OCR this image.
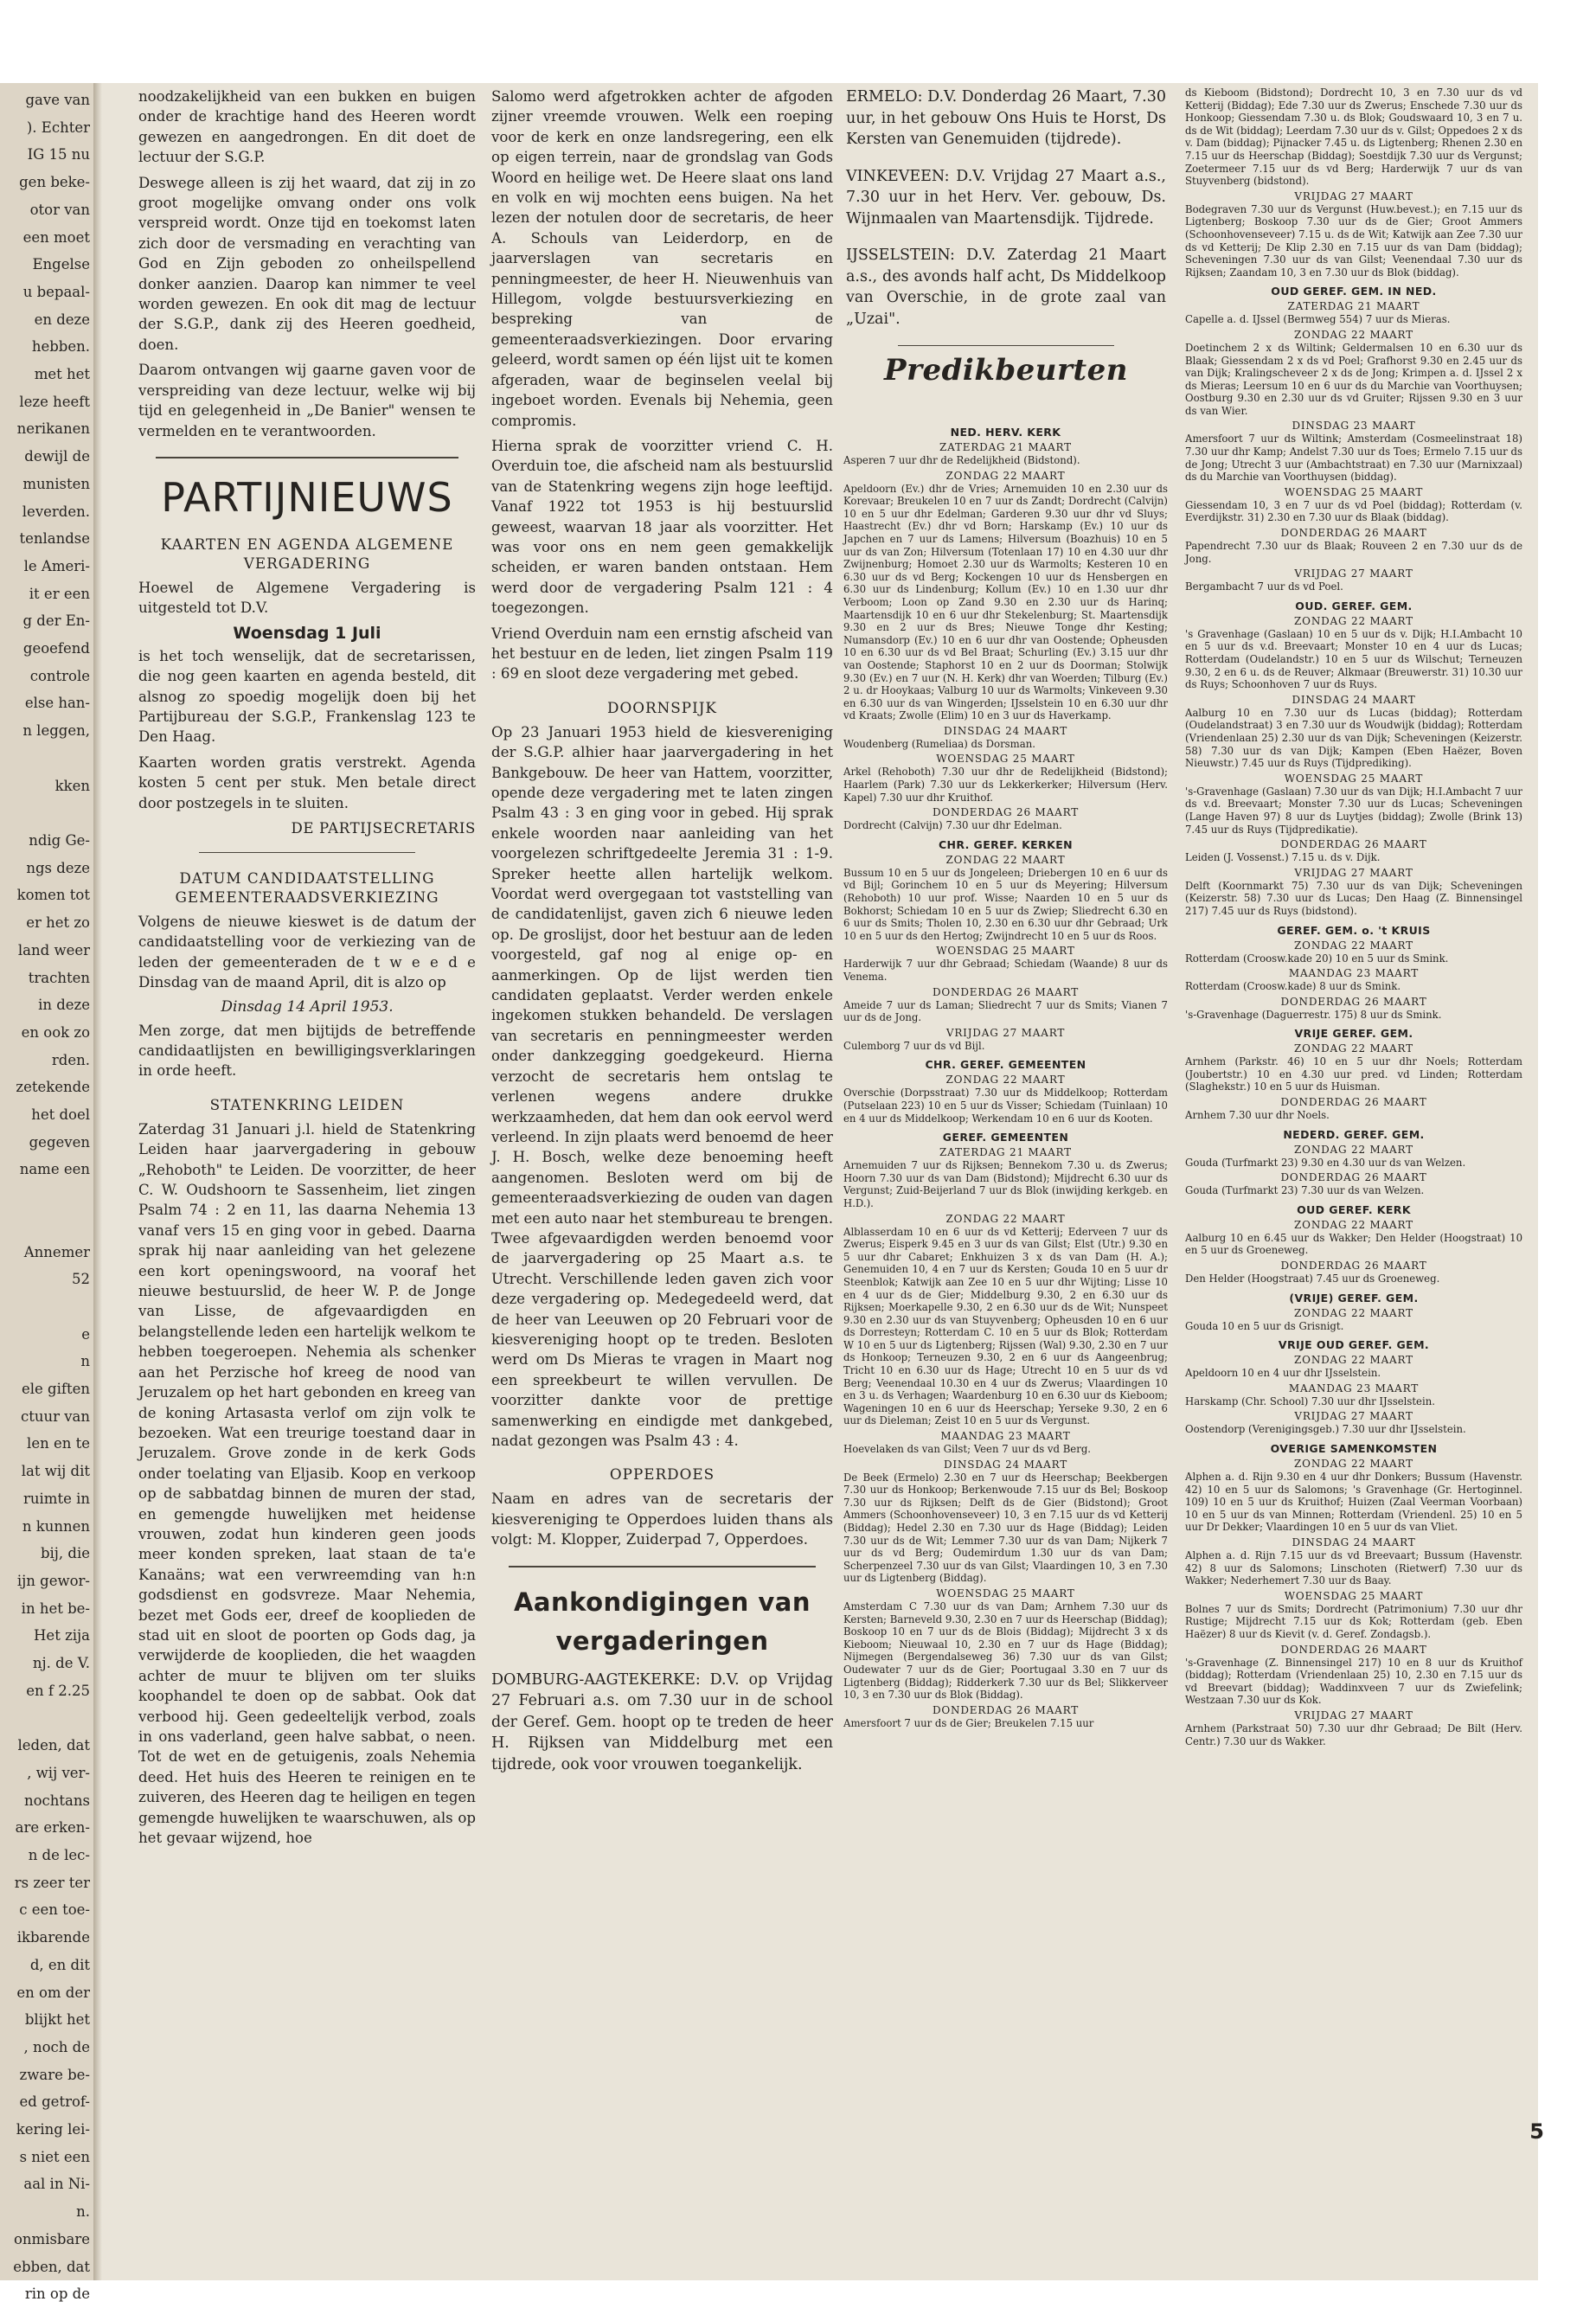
gave van
). Echter
IG 15 nu
gen beke-
otor van
een moet
Engelse
u bepaal-
en deze
hebben.
met het
leze heeft
nerikanen
dewijl de
munisten
leverden.
tenlandse
le Ameri-
it er een
g der En-
geoefend
controle
else han-
n leggen,

kken

ndig Ge-
ngs deze
komen tot
er het zo
land weer
trachten
in deze
en ook zo
rden.
zetekende
het doel
gegeven
name een

Annemer
52

e
n
ele giften
ctuur van
len en te
lat wij dit
ruimte in
n kunnen
bij, die
ijn gewor-
in het be-
Het zija
nj. de V.
en f 2.25

leden, dat
, wij ver-
nochtans
are erken-
n de lec-
rs zeer ter
c een toe-
ikbarende
d, en dit
en om der
blijkt het
, noch de
zware be-
ed getrof-
kering lei-
s niet een
aal in Ni-
n.
onmisbare
ebben, dat
rin op de

noodzakelijkheid van een bukken en buigen onder de krachtige hand des Heeren wordt gewezen en aangedrongen. En dit doet de lectuur der S.G.P.

Deswege alleen is zij het waard, dat zij in zo groot mogelijke omvang onder ons volk verspreid wordt. Onze tijd en toekomst laten zich door de versmading en verachting van God en Zijn geboden zo onheilspellend donker aanzien. Daarop kan nimmer te veel worden gewezen. En ook dit mag de lectuur der S.G.P., dank zij des Heeren goedheid, doen.

Daarom ontvangen wij gaarne gaven voor de verspreiding van deze lectuur, welke wij bij tijd en gelegenheid in „De Banier" wensen te vermelden en te verantwoorden.

PARTIJNIEUWS
KAARTEN EN AGENDA ALGEMENE VERGADERING

Hoewel de Algemene Vergadering is uitgesteld tot D.V.

Woensdag 1 Juli

is het toch wenselijk, dat de secretarissen, die nog geen kaarten en agenda besteld, dit alsnog zo spoedig mogelijk doen bij het Partijbureau der S.G.P., Frankenslag 123 te Den Haag.

Kaarten worden gratis verstrekt. Agenda kosten 5 cent per stuk. Men betale direct door postzegels in te sluiten.

DE PARTIJSECRETARIS
DATUM CANDIDAATSTELLING GEMEENTERAADSVERKIEZING

Volgens de nieuwe kieswet is de datum der candidaatstelling voor de verkiezing van de leden der gemeenteraden de t w e e d e Dinsdag van de maand April, dit is alzo op

Dinsdag 14 April 1953.

Men zorge, dat men bijtijds de betreffende candidaatlijsten en bewilligingsverklaringen in orde heeft.

STATENKRING LEIDEN

Zaterdag 31 Januari j.l. hield de Statenkring Leiden haar jaarvergadering in gebouw „Rehoboth" te Leiden. De voorzitter, de heer C. W. Oudshoorn te Sassenheim, liet zingen Psalm 74 : 2 en 11, las daarna Nehemia 13 vanaf vers 15 en ging voor in gebed. Daarna sprak hij naar aanleiding van het gelezene een kort openingswoord, na vooraf het nieuwe bestuurslid, de heer W. P. de Jonge van Lisse, de afgevaardigden en belangstellende leden een hartelijk welkom te hebben toegeroepen. Nehemia als schenker aan het Perzische hof kreeg de nood van Jeruzalem op het hart gebonden en kreeg van de koning Artasasta verlof om zijn volk te bezoeken. Wat een treurige toestand daar in Jeruzalem. Grove zonde in de kerk Gods onder toelating van Eljasib. Koop en verkoop op de sabbatdag binnen de muren der stad, en gemengde huwelijken met heidense vrouwen, zodat hun kinderen geen joods meer konden spreken, laat staan de ta'e Kanaäns; wat een verwreemding van h:n godsdienst en godsvreze. Maar Nehemia, bezet met Gods eer, dreef de kooplieden de stad uit en sloot de poorten op Gods dag, ja verwijderde de kooplieden, die het waagden achter de muur te blijven om ter sluiks koophandel te doen op de sabbat. Ook dat verbood hij. Geen gedeeltelijk verbod, zoals in ons vaderland, geen halve sabbat, o neen. Tot de wet en de getuigenis, zoals Nehemia deed. Het huis des Heeren te reinigen en te zuiveren, des Heeren dag te heiligen en tegen gemengde huwelijken te waarschuwen, als op het gevaar wijzend, hoe

Salomo werd afgetrokken achter de afgoden zijner vreemde vrouwen. Welk een roeping voor de kerk en onze landsregering, een elk op eigen terrein, naar de grondslag van Gods Woord en heilige wet. De Heere slaat ons land en volk en wij mochten eens buigen. Na het lezen der notulen door de secretaris, de heer A. Schouls van Leiderdorp, en de jaarverslagen van secretaris en penningmeester, de heer H. Nieuwenhuis van Hillegom, volgde bestuursverkiezing en bespreking van de gemeenteraadsverkiezingen. Door ervaring geleerd, wordt samen op één lijst uit te komen afgeraden, waar de beginselen veelal bij ingeboet worden. Evenals bij Nehemia, geen compromis.

Hierna sprak de voorzitter vriend C. H. Overduin toe, die afscheid nam als bestuurslid van de Statenkring wegens zijn hoge leeftijd. Vanaf 1922 tot 1953 is hij bestuurslid geweest, waarvan 18 jaar als voorzitter. Het was voor ons en nem geen gemakkelijk scheiden, er waren banden ontstaan. Hem werd door de vergadering Psalm 121 : 4 toegezongen.

Vriend Overduin nam een ernstig afscheid van het bestuur en de leden, liet zingen Psalm 119 : 69 en sloot deze vergadering met gebed.

DOORNSPIJK

Op 23 Januari 1953 hield de kiesvereniging der S.G.P. alhier haar jaarvergadering in het Bankgebouw. De heer van Hattem, voorzitter, opende deze vergadering met te laten zingen Psalm 43 : 3 en ging voor in gebed. Hij sprak enkele woorden naar aanleiding van het voorgelezen schriftgedeelte Jeremia 31 : 1-9. Spreker heette allen hartelijk welkom. Voordat werd overgegaan tot vaststelling van de candidatenlijst, gaven zich 6 nieuwe leden op. De groslijst, door het bestuur aan de leden voorgesteld, gaf nog al enige op- en aanmerkingen. Op de lijst werden tien candidaten geplaatst. Verder werden enkele ingekomen stukken behandeld. De verslagen van secretaris en penningmeester werden onder dankzegging goedgekeurd. Hierna verzocht de secretaris hem ontslag te verlenen wegens andere drukke werkzaamheden, dat hem dan ook eervol werd verleend. In zijn plaats werd benoemd de heer J. H. Bosch, welke deze benoeming heeft aangenomen. Besloten werd om bij de gemeenteraadsverkiezing de ouden van dagen met een auto naar het stembureau te brengen. Twee afgevaardigden werden benoemd voor de jaarvergadering op 25 Maart a.s. te Utrecht. Verschillende leden gaven zich voor deze vergadering op. Medegedeeld werd, dat de heer van Leeuwen op 20 Februari voor de kiesvereniging hoopt op te treden. Besloten werd om Ds Mieras te vragen in Maart nog een spreekbeurt te willen vervullen. De voorzitter dankte voor de prettige samenwerking en eindigde met dankgebed, nadat gezongen was Psalm 43 : 4.

OPPERDOES

Naam en adres van de secretaris der kiesvereniging te Opperdoes luiden thans als volgt: M. Klopper, Zuiderpad 7, Opperdoes.

Aankondigingen van vergaderingen

DOMBURG-AAGTEKERKE: D.V. op Vrijdag 27 Februari a.s. om 7.30 uur in de school der Geref. Gem. hoopt op te treden de heer H. Rijksen van Middelburg met een tijdrede, ook voor vrouwen toegankelijk.

ERMELO: D.V. Donderdag 26 Maart, 7.30 uur, in het gebouw Ons Huis te Horst, Ds Kersten van Genemuiden (tijdrede).

VINKEVEEN: D.V. Vrijdag 27 Maart a.s., 7.30 uur in het Herv. Ver. gebouw, Ds. Wijnmaalen van Maartensdijk. Tijdrede.

IJSSELSTEIN: D.V. Zaterdag 21 Maart a.s., des avonds half acht, Ds Middelkoop van Overschie, in de grote zaal van „Uzai".

Predikbeurten
NED. HERV. KERK
ZATERDAG 21 MAART

Asperen 7 uur dhr de Redelijkheid (Bidstond).

ZONDAG 22 MAART

Apeldoorn (Ev.) dhr de Vries; Arnemuiden 10 en 2.30 uur ds Korevaar; Breukelen 10 en 7 uur ds Zandt; Dordrecht (Calvijn) 10 en 5 uur dhr Edelman; Garderen 9.30 uur dhr vd Sluys; Haastrecht (Ev.) dhr vd Born; Harskamp (Ev.) 10 uur ds Japchen en 7 uur ds Lamens; Hilversum (Boazhuis) 10 en 5 uur ds van Zon; Hilversum (Totenlaan 17) 10 en 4.30 uur dhr Zwijnenburg; Homoet 2.30 uur ds Warmolts; Kesteren 10 en 6.30 uur ds vd Berg; Kockengen 10 uur ds Hensbergen en 6.30 uur ds Lindenburg; Kollum (Ev.) 10 en 1.30 uur dhr Verboom; Loon op Zand 9.30 en 2.30 uur ds Harinq; Maartensdijk 10 en 6 uur dhr Stekelenburg; St. Maartensdijk 9.30 en 2 uur ds Bres; Nieuwe Tonge dhr Kesting; Numansdorp (Ev.) 10 en 6 uur dhr van Oostende; Opheusden 10 en 6.30 uur ds vd Bel Braat; Schurling (Ev.) 3.15 uur dhr van Oostende; Staphorst 10 en 2 uur ds Doorman; Stolwijk 9.30 (Ev.) en 7 uur (N. H. Kerk) dhr van Woerden; Tilburg (Ev.) 2 u. dr Hooykaas; Valburg 10 uur ds Warmolts; Vinkeveen 9.30 en 6.30 uur ds van Wingerden; IJsselstein 10 en 6.30 uur dhr vd Kraats; Zwolle (Elim) 10 en 3 uur ds Haverkamp.

DINSDAG 24 MAART

Woudenberg (Rumeliaa) ds Dorsman.

WOENSDAG 25 MAART

Arkel (Rehoboth) 7.30 uur dhr de Redelijkheid (Bidstond); Haarlem (Park) 7.30 uur ds Lekkerkerker; Hilversum (Herv. Kapel) 7.30 uur dhr Kruithof.

DONDERDAG 26 MAART

Dordrecht (Calvijn) 7.30 uur dhr Edelman.

CHR. GEREF. KERKEN
ZONDAG 22 MAART

Bussum 10 en 5 uur ds Jongeleen; Driebergen 10 en 6 uur ds vd Bijl; Gorinchem 10 en 5 uur ds Meyering; Hilversum (Rehoboth) 10 uur prof. Wisse; Naarden 10 en 5 uur ds Bokhorst; Schiedam 10 en 5 uur ds Zwiep; Sliedrecht 6.30 en 6 uur ds Smits; Tholen 10, 2.30 en 6.30 uur dhr Gebraad; Urk 10 en 5 uur ds den Hertog; Zwijndrecht 10 en 5 uur ds Roos.

WOENSDAG 25 MAART

Harderwijk 7 uur dhr Gebraad; Schiedam (Waande) 8 uur ds Venema.

DONDERDAG 26 MAART

Ameide 7 uur ds Laman; Sliedrecht 7 uur ds Smits; Vianen 7 uur ds de Jong.

VRIJDAG 27 MAART

Culemborg 7 uur ds vd Bijl.

CHR. GEREF. GEMEENTEN
ZONDAG 22 MAART

Overschie (Dorpsstraat) 7.30 uur ds Middelkoop; Rotterdam (Putselaan 223) 10 en 5 uur ds Visser; Schiedam (Tuinlaan) 10 en 4 uur ds Middelkoop; Werkendam 10 en 6 uur ds Kooten.

GEREF. GEMEENTEN
ZATERDAG 21 MAART

Arnemuiden 7 uur ds Rijksen; Bennekom 7.30 u. ds Zwerus; Hoorn 7.30 uur ds van Dam (Bidstond); Mijdrecht 6.30 uur ds Vergunst; Zuid-Beijerland 7 uur ds Blok (inwijding kerkgeb. en H.D.).

ZONDAG 22 MAART

Alblasserdam 10 en 6 uur ds vd Ketterij; Ederveen 7 uur ds Zwerus; Eisperk 9.45 en 3 uur ds van Gilst; Elst (Utr.) 9.30 en 5 uur dhr Cabaret; Enkhuizen 3 x ds van Dam (H. A.); Genemuiden 10, 4 en 7 uur ds Kersten; Gouda 10 en 5 uur dr Steenblok; Katwijk aan Zee 10 en 5 uur dhr Wijting; Lisse 10 en 4 uur ds de Gier; Middelburg 9.30, 2 en 6.30 uur ds Rijksen; Moerkapelle 9.30, 2 en 6.30 uur ds de Wit; Nunspeet 9.30 en 2.30 uur ds van Stuyvenberg; Opheusden 10 en 6 uur ds Dorresteyn; Rotterdam C. 10 en 5 uur ds Blok; Rotterdam W 10 en 5 uur ds Ligtenberg; Rijssen (Wal) 9.30, 2.30 en 7 uur ds Honkoop; Terneuzen 9.30, 2 en 6 uur ds Aangeenbrug; Tricht 10 en 6.30 uur ds Hage; Utrecht 10 en 5 uur ds vd Berg; Veenendaal 10.30 en 4 uur ds Zwerus; Vlaardingen 10 en 3 u. ds Verhagen; Waardenburg 10 en 6.30 uur ds Kieboom; Wageningen 10 en 6 uur ds Heerschap; Yerseke 9.30, 2 en 6 uur ds Dieleman; Zeist 10 en 5 uur ds Vergunst.

MAANDAG 23 MAART

Hoevelaken ds van Gilst; Veen 7 uur ds vd Berg.

DINSDAG 24 MAART

De Beek (Ermelo) 2.30 en 7 uur ds Heerschap; Beekbergen 7.30 uur ds Honkoop; Berkenwoude 7.15 uur ds Bel; Boskoop 7.30 uur ds Rijksen; Delft ds de Gier (Bidstond); Groot Ammers (Schoonhovenseveer) 10, 3 en 7.15 uur ds vd Ketterij (Biddag); Hedel 2.30 en 7.30 uur ds Hage (Biddag); Leiden 7.30 uur ds de Wit; Lemmer 7.30 uur ds van Dam; Nijkerk 7 uur ds vd Berg; Oudemirdum 1.30 uur ds van Dam; Scherpenzeel 7.30 uur ds van Gilst; Vlaardingen 10, 3 en 7.30 uur ds Ligtenberg (Biddag).

WOENSDAG 25 MAART

Amsterdam C 7.30 uur ds van Dam; Arnhem 7.30 uur ds Kersten; Barneveld 9.30, 2.30 en 7 uur ds Heerschap (Biddag); Boskoop 10 en 7 uur ds de Blois (Biddag); Mijdrecht 3 x ds Kieboom; Nieuwaal 10, 2.30 en 7 uur ds Hage (Biddag); Nijmegen (Bergendalseweg 36) 7.30 uur ds van Gilst; Oudewater 7 uur ds de Gier; Poortugaal 3.30 en 7 uur ds Ligtenberg (Biddag); Ridderkerk 7.30 uur ds Bel; Slikkerveer 10, 3 en 7.30 uur ds Blok (Biddag).

DONDERDAG 26 MAART

Amersfoort 7 uur ds de Gier; Breukelen 7.15 uur

ds Kieboom (Bidstond); Dordrecht 10, 3 en 7.30 uur ds vd Ketterij (Biddag); Ede 7.30 uur ds Zwerus; Enschede 7.30 uur ds Honkoop; Giessendam 7.30 u. ds Blok; Goudswaard 10, 3 en 7 u. ds de Wit (biddag); Leerdam 7.30 uur ds v. Gilst; Oppedoes 2 x ds v. Dam (biddag); Pijnacker 7.45 u. ds Ligtenberg; Rhenen 2.30 en 7.15 uur ds Heerschap (Biddag); Soestdijk 7.30 uur ds Vergunst; Zoetermeer 7.15 uur ds vd Berg; Harderwijk 7 uur ds van Stuyvenberg (bidstond).

VRIJDAG 27 MAART

Bodegraven 7.30 uur ds Vergunst (Huw.bevest.); en 7.15 uur ds Ligtenberg; Boskoop 7.30 uur ds de Gier; Groot Ammers (Schoonhovenseveer) 7.15 u. ds de Wit; Katwijk aan Zee 7.30 uur ds vd Ketterij; De Klip 2.30 en 7.15 uur ds van Dam (biddag); Scheveningen 7.30 uur ds van Gilst; Veenendaal 7.30 uur ds Rijksen; Zaandam 10, 3 en 7.30 uur ds Blok (biddag).

OUD GEREF. GEM. IN NED.
ZATERDAG 21 MAART

Capelle a. d. IJssel (Bermweg 554) 7 uur ds Mieras.

ZONDAG 22 MAART

Doetinchem 2 x ds Wiltink; Geldermalsen 10 en 6.30 uur ds Blaak; Giessendam 2 x ds vd Poel; Grafhorst 9.30 en 2.45 uur ds van Dijk; Kralingscheveer 2 x ds de Jong; Krimpen a. d. IJssel 2 x ds Mieras; Leersum 10 en 6 uur ds du Marchie van Voorthuysen; Oostburg 9.30 en 2.30 uur ds vd Gruiter; Rijssen 9.30 en 3 uur ds van Wier.

DINSDAG 23 MAART

Amersfoort 7 uur ds Wiltink; Amsterdam (Cosmeelinstraat 18) 7.30 uur dhr Kamp; Andelst 7.30 uur ds Toes; Ermelo 7.15 uur ds de Jong; Utrecht 3 uur (Ambachtstraat) en 7.30 uur (Marnixzaal) ds du Marchie van Voorthuysen (biddag).

WOENSDAG 25 MAART

Giessendam 10, 3 en 7 uur ds vd Poel (biddag); Rotterdam (v. Everdijkstr. 31) 2.30 en 7.30 uur ds Blaak (biddag).

DONDERDAG 26 MAART

Papendrecht 7.30 uur ds Blaak; Rouveen 2 en 7.30 uur ds de Jong.

VRIJDAG 27 MAART

Bergambacht 7 uur ds vd Poel.

OUD. GEREF. GEM.
ZONDAG 22 MAART

's Gravenhage (Gaslaan) 10 en 5 uur ds v. Dijk; H.I.Ambacht 10 en 5 uur ds v.d. Breevaart; Monster 10 en 4 uur ds Lucas; Rotterdam (Oudelandstr.) 10 en 5 uur ds Wilschut; Terneuzen 9.30, 2 en 6 u. ds de Reuver; Alkmaar (Breuwerstr. 31) 10.30 uur ds Ruys; Schoonhoven 7 uur ds Ruys.

DINSDAG 24 MAART

Aalburg 10 en 7.30 uur ds Lucas (biddag); Rotterdam (Oudelandstraat) 3 en 7.30 uur ds Woudwijk (biddag); Rotterdam (Vriendenlaan 25) 2.30 uur ds van Dijk; Scheveningen (Keizerstr. 58) 7.30 uur ds van Dijk; Kampen (Eben Haëzer, Boven Nieuwstr.) 7.45 uur ds Ruys (Tijdprediking).

WOENSDAG 25 MAART

's-Gravenhage (Gaslaan) 7.30 uur ds van Dijk; H.I.Ambacht 7 uur ds v.d. Breevaart; Monster 7.30 uur ds Lucas; Scheveningen (Lange Haven 97) 8 uur ds Luytjes (biddag); Zwolle (Brink 13) 7.45 uur ds Ruys (Tijdpredikatie).

DONDERDAG 26 MAART

Leiden (J. Vossenst.) 7.15 u. ds v. Dijk.

VRIJDAG 27 MAART

Delft (Koornmarkt 75) 7.30 uur ds van Dijk; Scheveningen (Keizerstr. 58) 7.30 uur ds Lucas; Den Haag (Z. Binnensingel 217) 7.45 uur ds Ruys (bidstond).

GEREF. GEM. o. 't KRUIS
ZONDAG 22 MAART

Rotterdam (Croosw.kade 20) 10 en 5 uur ds Smink.

MAANDAG 23 MAART

Rotterdam (Croosw.kade) 8 uur ds Smink.

DONDERDAG 26 MAART

's-Gravenhage (Daguerrestr. 175) 8 uur ds Smink.

VRIJE GEREF. GEM.
ZONDAG 22 MAART

Arnhem (Parkstr. 46) 10 en 5 uur dhr Noels; Rotterdam (Joubertstr.) 10 en 4.30 uur pred. vd Linden; Rotterdam (Slaghekstr.) 10 en 5 uur ds Huisman.

DONDERDAG 26 MAART

Arnhem 7.30 uur dhr Noels.

NEDERD. GEREF. GEM.
ZONDAG 22 MAART

Gouda (Turfmarkt 23) 9.30 en 4.30 uur ds van Welzen.

DONDERDAG 26 MAART

Gouda (Turfmarkt 23) 7.30 uur ds van Welzen.

OUD GEREF. KERK
ZONDAG 22 MAART

Aalburg 10 en 6.45 uur ds Wakker; Den Helder (Hoogstraat) 10 en 5 uur ds Groeneweg.

DONDERDAG 26 MAART

Den Helder (Hoogstraat) 7.45 uur ds Groeneweg.

(VRIJE) GEREF. GEM.
ZONDAG 22 MAART

Gouda 10 en 5 uur ds Grisnigt.

VRIJE OUD GEREF. GEM.
ZONDAG 22 MAART

Apeldoorn 10 en 4 uur dhr IJsselstein.

MAANDAG 23 MAART

Harskamp (Chr. School) 7.30 uur dhr IJsselstein.

VRIJDAG 27 MAART

Oostendorp (Verenigingsgeb.) 7.30 uur dhr IJsselstein.

OVERIGE SAMENKOMSTEN
ZONDAG 22 MAART

Alphen a. d. Rijn 9.30 en 4 uur dhr Donkers; Bussum (Havenstr. 42) 10 en 5 uur ds Salomons; 's Gravenhage (Gr. Hertoginnel. 109) 10 en 5 uur ds Kruithof; Huizen (Zaal Veerman Voorbaan) 10 en 5 uur ds van Minnen; Rotterdam (Vriendenl. 25) 10 en 5 uur Dr Dekker; Vlaardingen 10 en 5 uur ds van Vliet.

DINSDAG 24 MAART

Alphen a. d. Rijn 7.15 uur ds vd Breevaart; Bussum (Havenstr. 42) 8 uur ds Salomons; Linschoten (Rietwerf) 7.30 uur ds Wakker; Nederhemert 7.30 uur ds Baay.

WOENSDAG 25 MAART

Bolnes 7 uur ds Smits; Dordrecht (Patrimonium) 7.30 uur dhr Rustige; Mijdrecht 7.15 uur ds Kok; Rotterdam (geb. Eben Haëzer) 8 uur ds Kievit (v. d. Geref. Zondagsb.).

DONDERDAG 26 MAART

's-Gravenhage (Z. Binnensingel 217) 10 en 8 uur ds Kruithof (biddag); Rotterdam (Vriendenlaan 25) 10, 2.30 en 7.15 uur ds vd Breevart (biddag); Waddinxveen 7 uur ds Zwiefelink; Westzaan 7.30 uur ds Kok.

VRIJDAG 27 MAART

Arnhem (Parkstraat 50) 7.30 uur dhr Gebraad; De Bilt (Herv. Centr.) 7.30 uur ds Wakker.

5
